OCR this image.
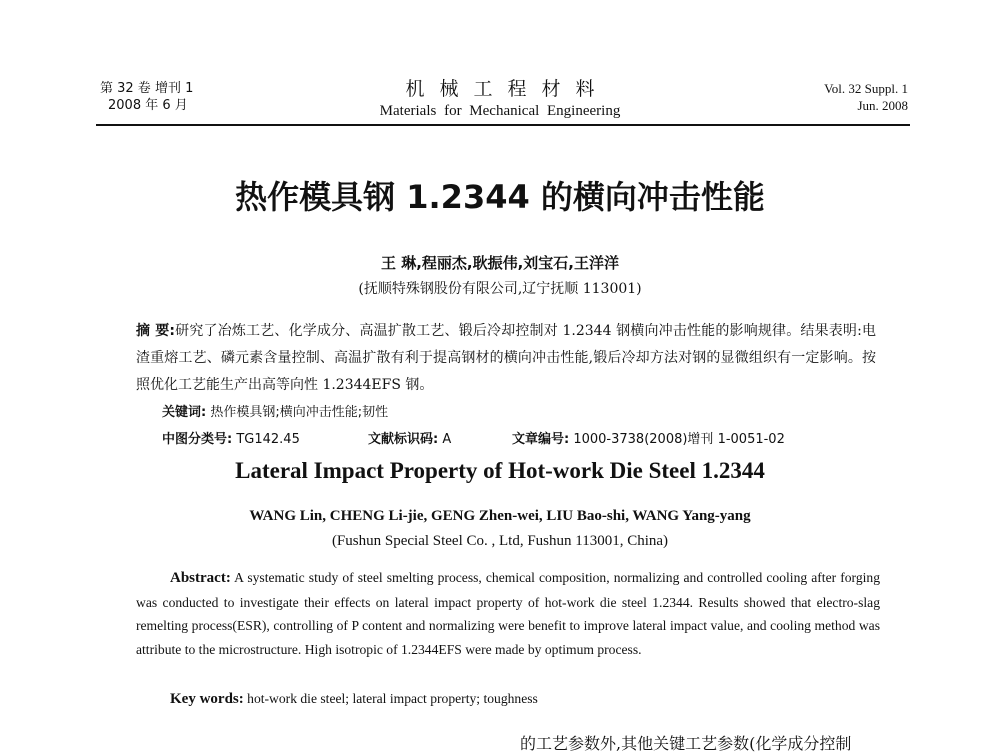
第 32 卷 增刊 1
2008 年 6 月
机械工程材料
Materials for Mechanical Engineering
Vol. 32 Suppl. 1
Jun. 2008
热作模具钢 1.2344 的横向冲击性能
王 琳,程丽杰,耿振伟,刘宝石,王洋洋
(抚顺特殊钢股份有限公司,辽宁抚顺 113001)
摘 要:研究了冶炼工艺、化学成分、高温扩散工艺、锻后冷却控制对 1.2344 钢横向冲击性能的影响规律。结果表明:电渣重熔工艺、磷元素含量控制、高温扩散有利于提高钢材的横向冲击性能,锻后冷却方法对钢的显微组织有一定影响。按照优化工艺能生产出高等向性 1.2344EFS 钢。
关键词: 热作模具钢;横向冲击性能;韧性
中图分类号: TG142.45	文献标识码: A	文章编号: 1000-3738(2008)增刊 1-0051-02
Lateral Impact Property of Hot-work Die Steel 1.2344
WANG Lin, CHENG Li-jie, GENG Zhen-wei, LIU Bao-shi, WANG Yang-yang
(Fushun Special Steel Co. , Ltd, Fushun 113001, China)
Abstract: A systematic study of steel smelting process, chemical composition, normalizing and controlled cooling after forging was conducted to investigate their effects on lateral impact property of hot-work die steel 1.2344. Results showed that electro-slag remelting process(ESR), controlling of P content and normalizing were benefit to improve lateral impact value, and cooling method was attribute to the microstructure. High isotropic of 1.2344EFS were made by optimum process.
Key words: hot-work die steel; lateral impact property; toughness
的工艺参数外,其他关键工艺参数(化学成分控制
